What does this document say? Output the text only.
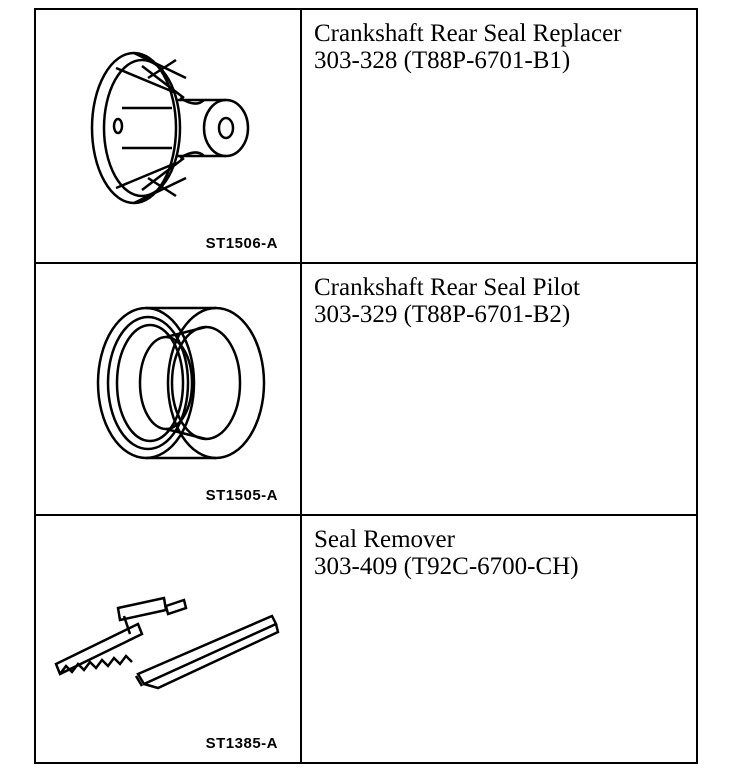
ST1506-A
Crankshaft Rear Seal Replacer
303-328 (T88P-6701-B1)
ST1505-A
Crankshaft Rear Seal Pilot
303-329 (T88P-6701-B2)
ST1385-A
Seal Remover
303-409 (T92C-6700-CH)
